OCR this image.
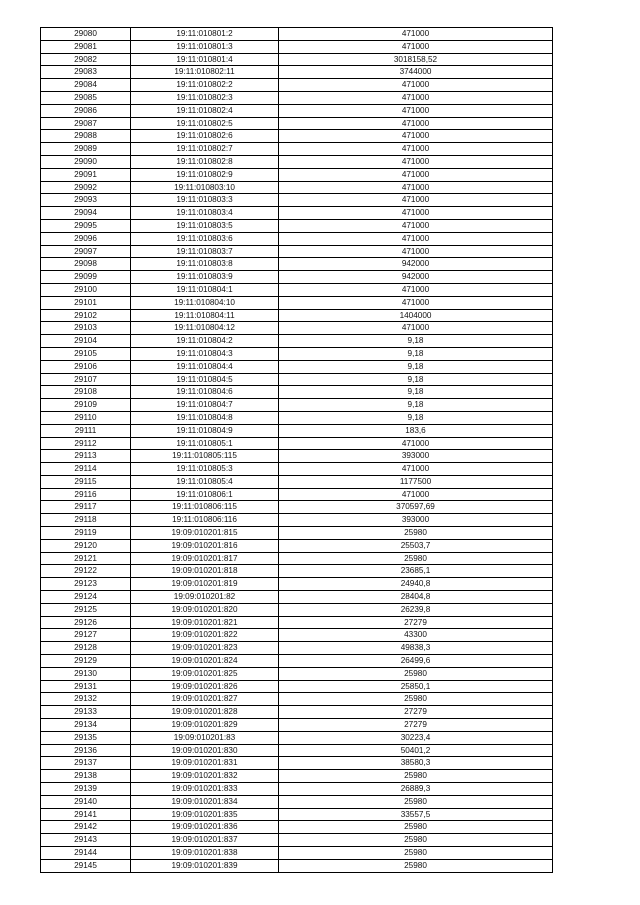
29080	19:11:010801:2	471000
29081	19:11:010801:3	471000
29082	19:11:010801:4	3018158,52
29083	19:11:010802:11	3744000
29084	19:11:010802:2	471000
29085	19:11:010802:3	471000
29086	19:11:010802:4	471000
29087	19:11:010802:5	471000
29088	19:11:010802:6	471000
29089	19:11:010802:7	471000
29090	19:11:010802:8	471000
29091	19:11:010802:9	471000
29092	19:11:010803:10	471000
29093	19:11:010803:3	471000
29094	19:11:010803:4	471000
29095	19:11:010803:5	471000
29096	19:11:010803:6	471000
29097	19:11:010803:7	471000
29098	19:11:010803:8	942000
29099	19:11:010803:9	942000
29100	19:11:010804:1	471000
29101	19:11:010804:10	471000
29102	19:11:010804:11	1404000
29103	19:11:010804:12	471000
29104	19:11:010804:2	9,18
29105	19:11:010804:3	9,18
29106	19:11:010804:4	9,18
29107	19:11:010804:5	9,18
29108	19:11:010804:6	9,18
29109	19:11:010804:7	9,18
29110	19:11:010804:8	9,18
29111	19:11:010804:9	183,6
29112	19:11:010805:1	471000
29113	19:11:010805:115	393000
29114	19:11:010805:3	471000
29115	19:11:010805:4	1177500
29116	19:11:010806:1	471000
29117	19:11:010806:115	370597,69
29118	19:11:010806:116	393000
29119	19:09:010201:815	25980
29120	19:09:010201:816	25503,7
29121	19:09:010201:817	25980
29122	19:09:010201:818	23685,1
29123	19:09:010201:819	24940,8
29124	19:09:010201:82	28404,8
29125	19:09:010201:820	26239,8
29126	19:09:010201:821	27279
29127	19:09:010201:822	43300
29128	19:09:010201:823	49838,3
29129	19:09:010201:824	26499,6
29130	19:09:010201:825	25980
29131	19:09:010201:826	25850,1
29132	19:09:010201:827	25980
29133	19:09:010201:828	27279
29134	19:09:010201:829	27279
29135	19:09:010201:83	30223,4
29136	19:09:010201:830	50401,2
29137	19:09:010201:831	38580,3
29138	19:09:010201:832	25980
29139	19:09:010201:833	26889,3
29140	19:09:010201:834	25980
29141	19:09:010201:835	33557,5
29142	19:09:010201:836	25980
29143	19:09:010201:837	25980
29144	19:09:010201:838	25980
29145	19:09:010201:839	25980
